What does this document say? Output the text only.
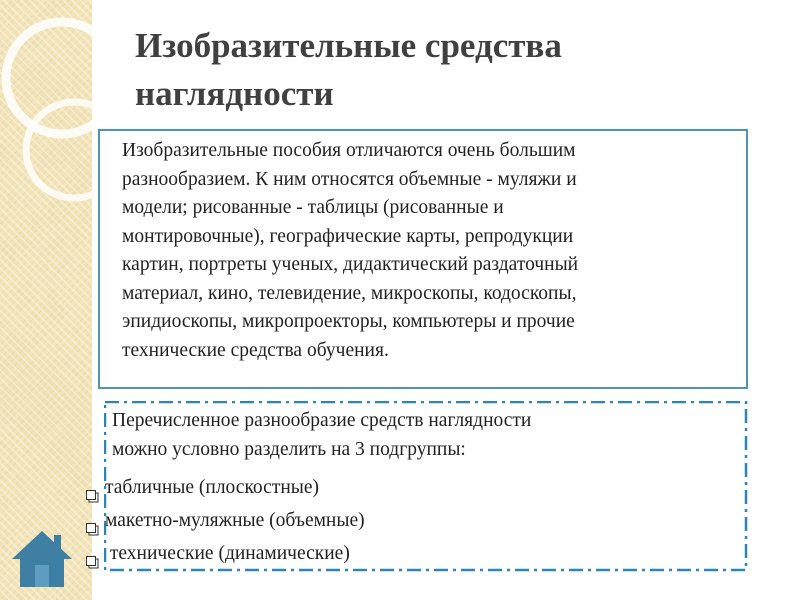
Изобразительные средства наглядности

Изобразительные пособия отличаются очень большим
разнообразием. К ним относятся объемные - муляжи и
модели; рисованные - таблицы (рисованные и
монтировочные), географические карты, репродукции
картин, портреты ученых, дидактический раздаточный
материал, кино, телевидение, микроскопы, кодоскопы,
эпидиоскопы, микропроекторы, компьютеры и прочие
технические средства обучения.

Перечисленное разнообразие средств наглядности
можно условно разделить на 3 подгруппы:

табличные (плоскостные)
макетно-муляжные (объемные)
технические (динамические)
